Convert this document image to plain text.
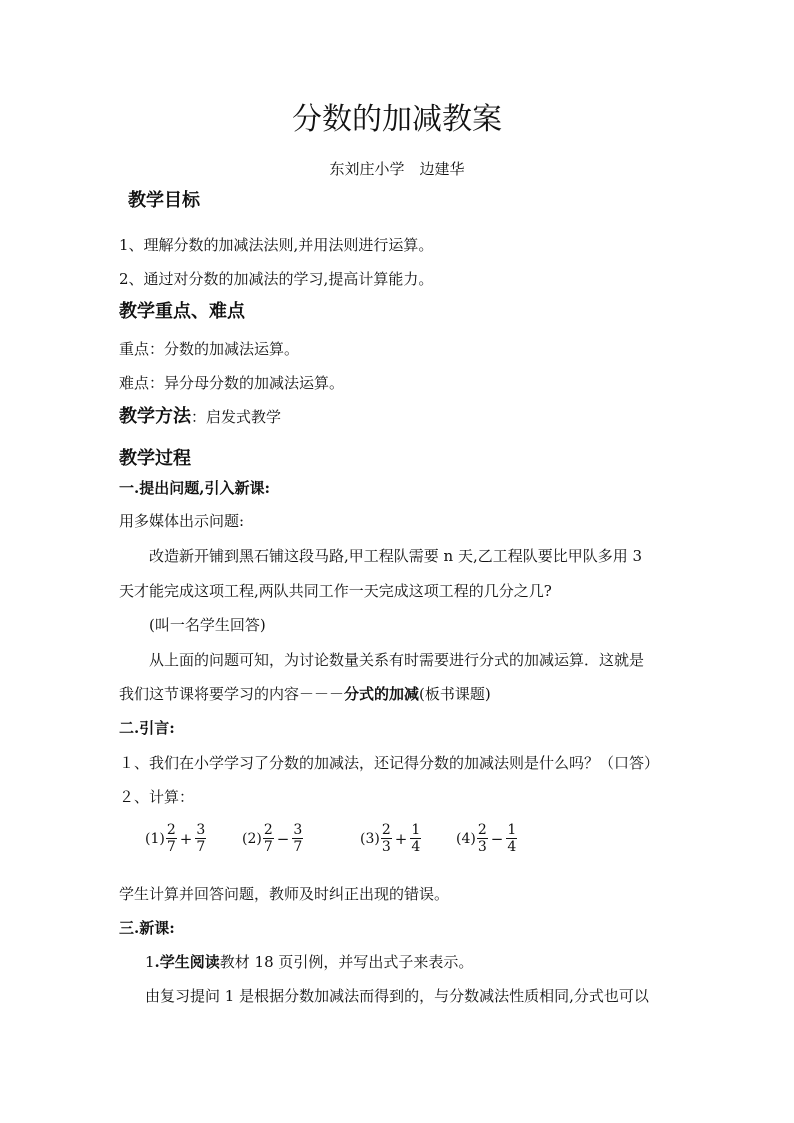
分数的加减教案
东刘庄小学　边建华
教学目标
1、理解分数的加减法法则,并用法则进行运算。
2、通过对分数的加减法的学习,提高计算能力。
教学重点、难点
重点：分数的加减法运算。
难点：异分母分数的加减法运算。
教学方法：启发式教学
教学过程
一.提出问题,引入新课:
用多媒体出示问题:
改造新开铺到黑石铺这段马路,甲工程队需要 n 天,乙工程队要比甲队多用 3
天才能完成这项工程,两队共同工作一天完成这项工程的几分之几?
(叫一名学生回答)
从上面的问题可知，为讨论数量关系有时需要进行分式的加减运算．这就是
我们这节课将要学习的内容－－－分式的加减(板书课题)
二.引言:
１、我们在小学学习了分数的加减法，还记得分数的加减法则是什么吗？（口答）
２、计算：
$(1) \frac{2}{7} + \frac{3}{7}$	$(2) \frac{2}{7} - \frac{3}{7}$	$(3) \frac{2}{3} + \frac{1}{4} (4) \frac{2}{3} - \frac{1}{4}$
学生计算并回答问题，教师及时纠正出现的错误。
三.新课:
1.学生阅读教材 18 页引例，并写出式子来表示。
由复习提问 1 是根据分数加减法而得到的，与分数减法性质相同,分式也可以
